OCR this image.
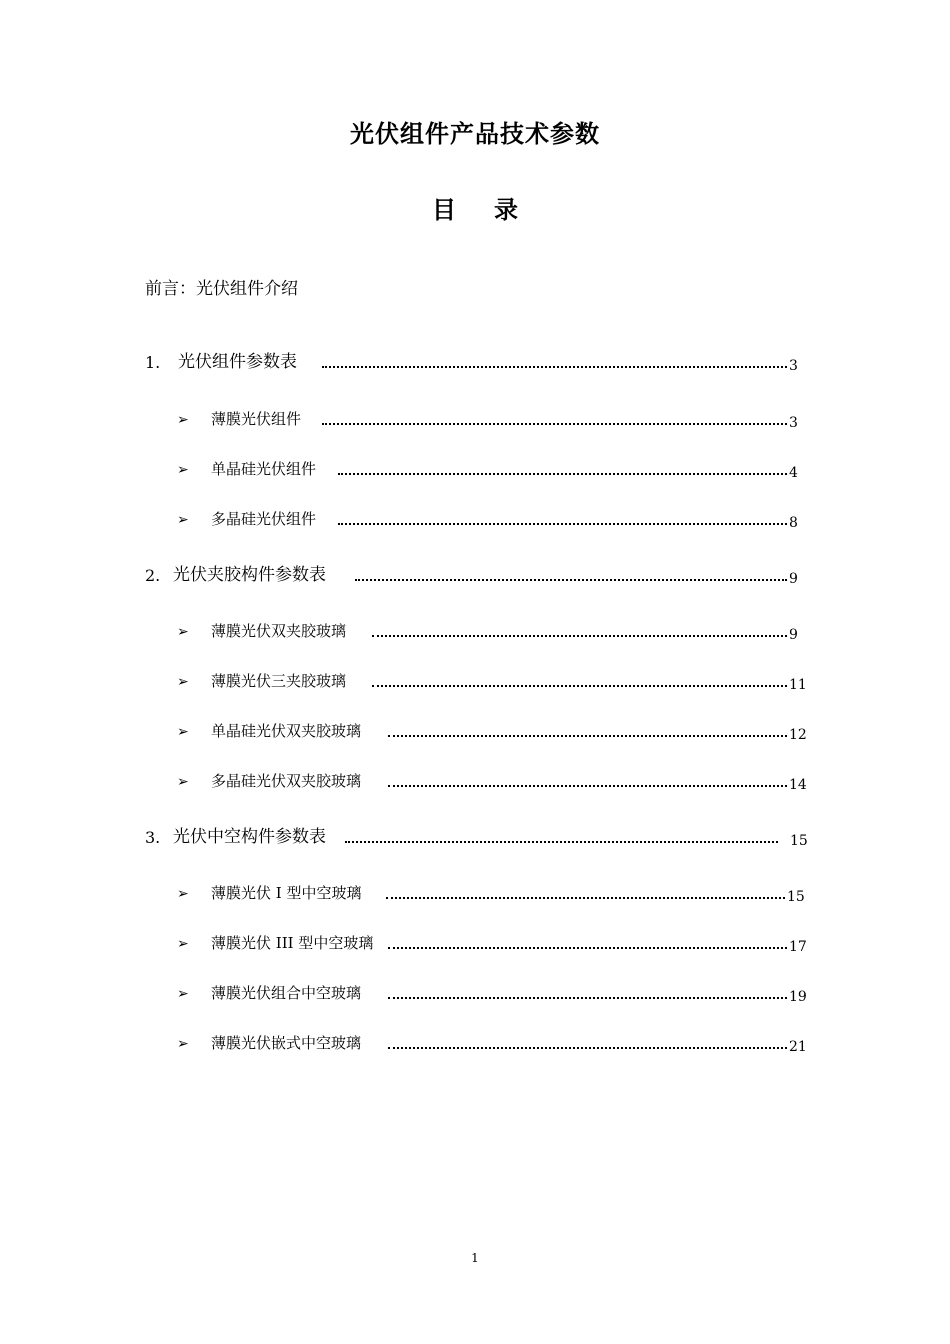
光伏组件产品技术参数
目 录
前言：光伏组件介绍
1. 光伏组件参数表	3
➢ 薄膜光伏组件	3
➢ 单晶硅光伏组件	4
➢ 多晶硅光伏组件	8
2. 光伏夹胶构件参数表	9
➢ 薄膜光伏双夹胶玻璃	9
➢ 薄膜光伏三夹胶玻璃	11
➢ 单晶硅光伏双夹胶玻璃	12
➢ 多晶硅光伏双夹胶玻璃	14
3. 光伏中空构件参数表	15
➢ 薄膜光伏 I 型中空玻璃	15
➢ 薄膜光伏 III 型中空玻璃	17
➢ 薄膜光伏组合中空玻璃	19
➢ 薄膜光伏嵌式中空玻璃	21
1
